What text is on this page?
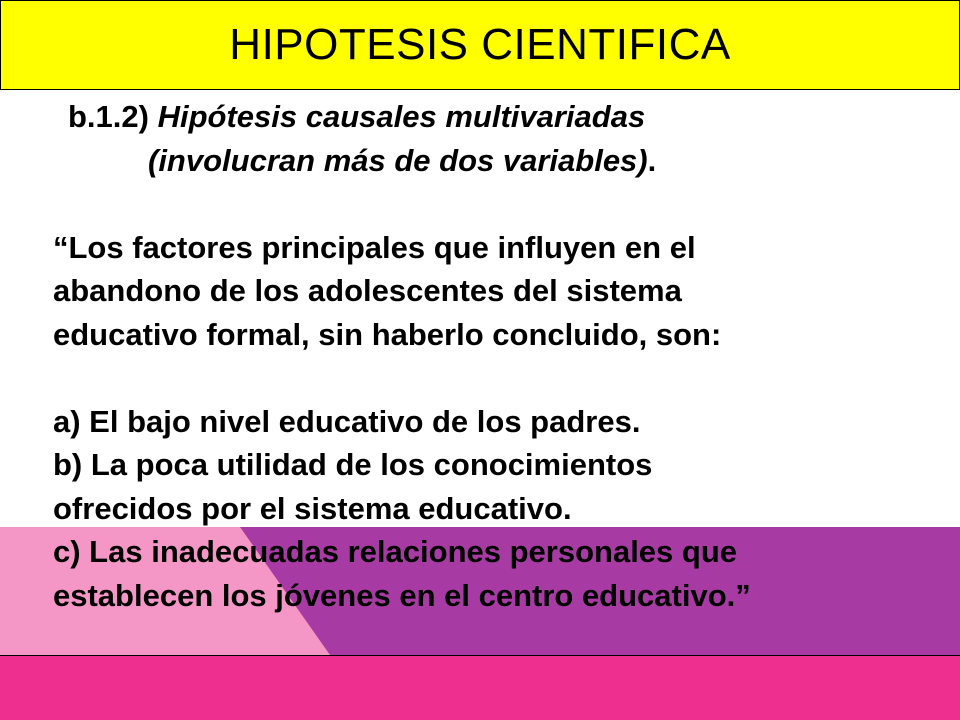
HIPOTESIS CIENTIFICA
b.1.2) Hipótesis causales multivariadas
(involucran más de dos variables).
“Los factores principales que influyen en el
abandono de los adolescentes del sistema
educativo formal, sin haberlo concluido, son:
a) El bajo nivel educativo de los padres.
b) La poca utilidad de los conocimientos
ofrecidos por el sistema educativo.
c) Las inadecuadas relaciones personales que
establecen los jóvenes en el centro educativo.”
